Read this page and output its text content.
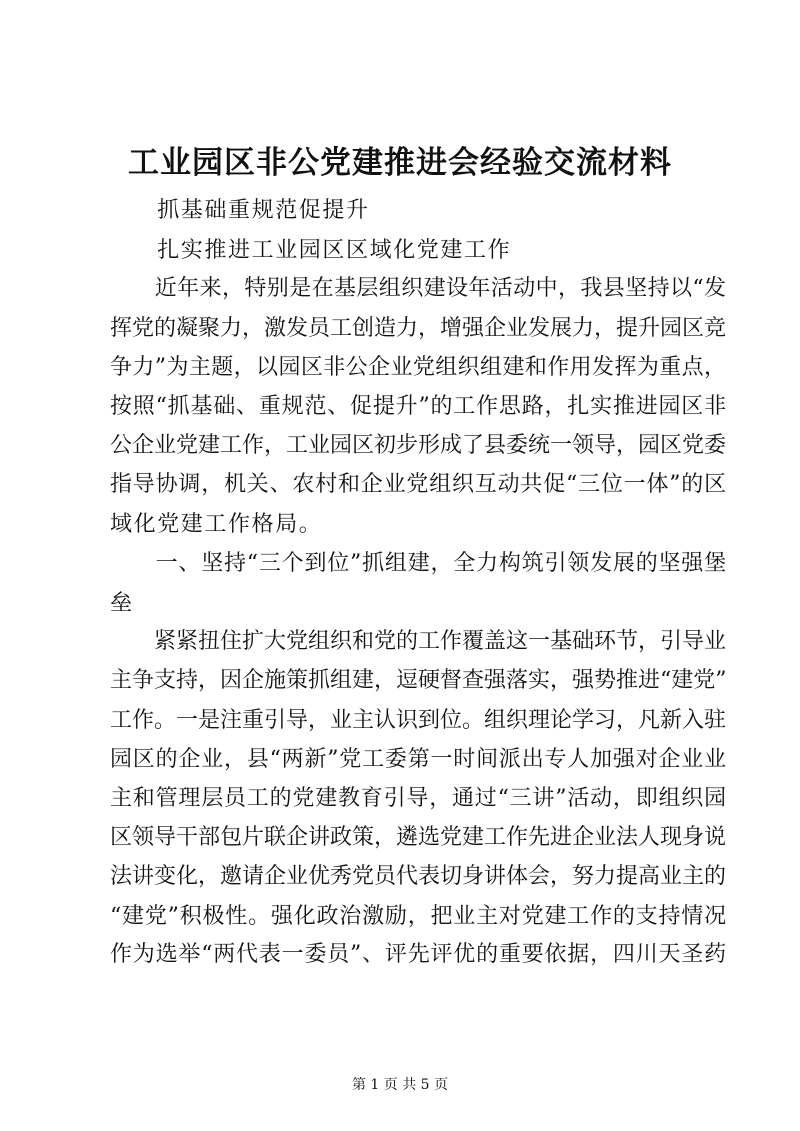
工业园区非公党建推进会经验交流材料
　　抓基础重规范促提升
　　扎实推进工业园区区域化党建工作
　　近年来，特别是在基层组织建设年活动中，我县坚持以“发
挥党的凝聚力，激发员工创造力，增强企业发展力，提升园区竞
争力”为主题，以园区非公企业党组织组建和作用发挥为重点，
按照“抓基础、重规范、促提升”的工作思路，扎实推进园区非
公企业党建工作，工业园区初步形成了县委统一领导，园区党委
指导协调，机关、农村和企业党组织互动共促“三位一体”的区
域化党建工作格局。
　　一、坚持“三个到位”抓组建，全力构筑引领发展的坚强堡
垒
　　紧紧扭住扩大党组织和党的工作覆盖这一基础环节，引导业
主争支持，因企施策抓组建，逗硬督查强落实，强势推进“建党”
工作。一是注重引导，业主认识到位。组织理论学习，凡新入驻
园区的企业，县“两新”党工委第一时间派出专人加强对企业业
主和管理层员工的党建教育引导，通过“三讲”活动，即组织园
区领导干部包片联企讲政策，遴选党建工作先进企业法人现身说
法讲变化，邀请企业优秀党员代表切身讲体会，努力提高业主的
“建党”积极性。强化政治激励，把业主对党建工作的支持情况
作为选举“两代表一委员”、评先评优的重要依据，四川天圣药
第 1 页 共 5 页
